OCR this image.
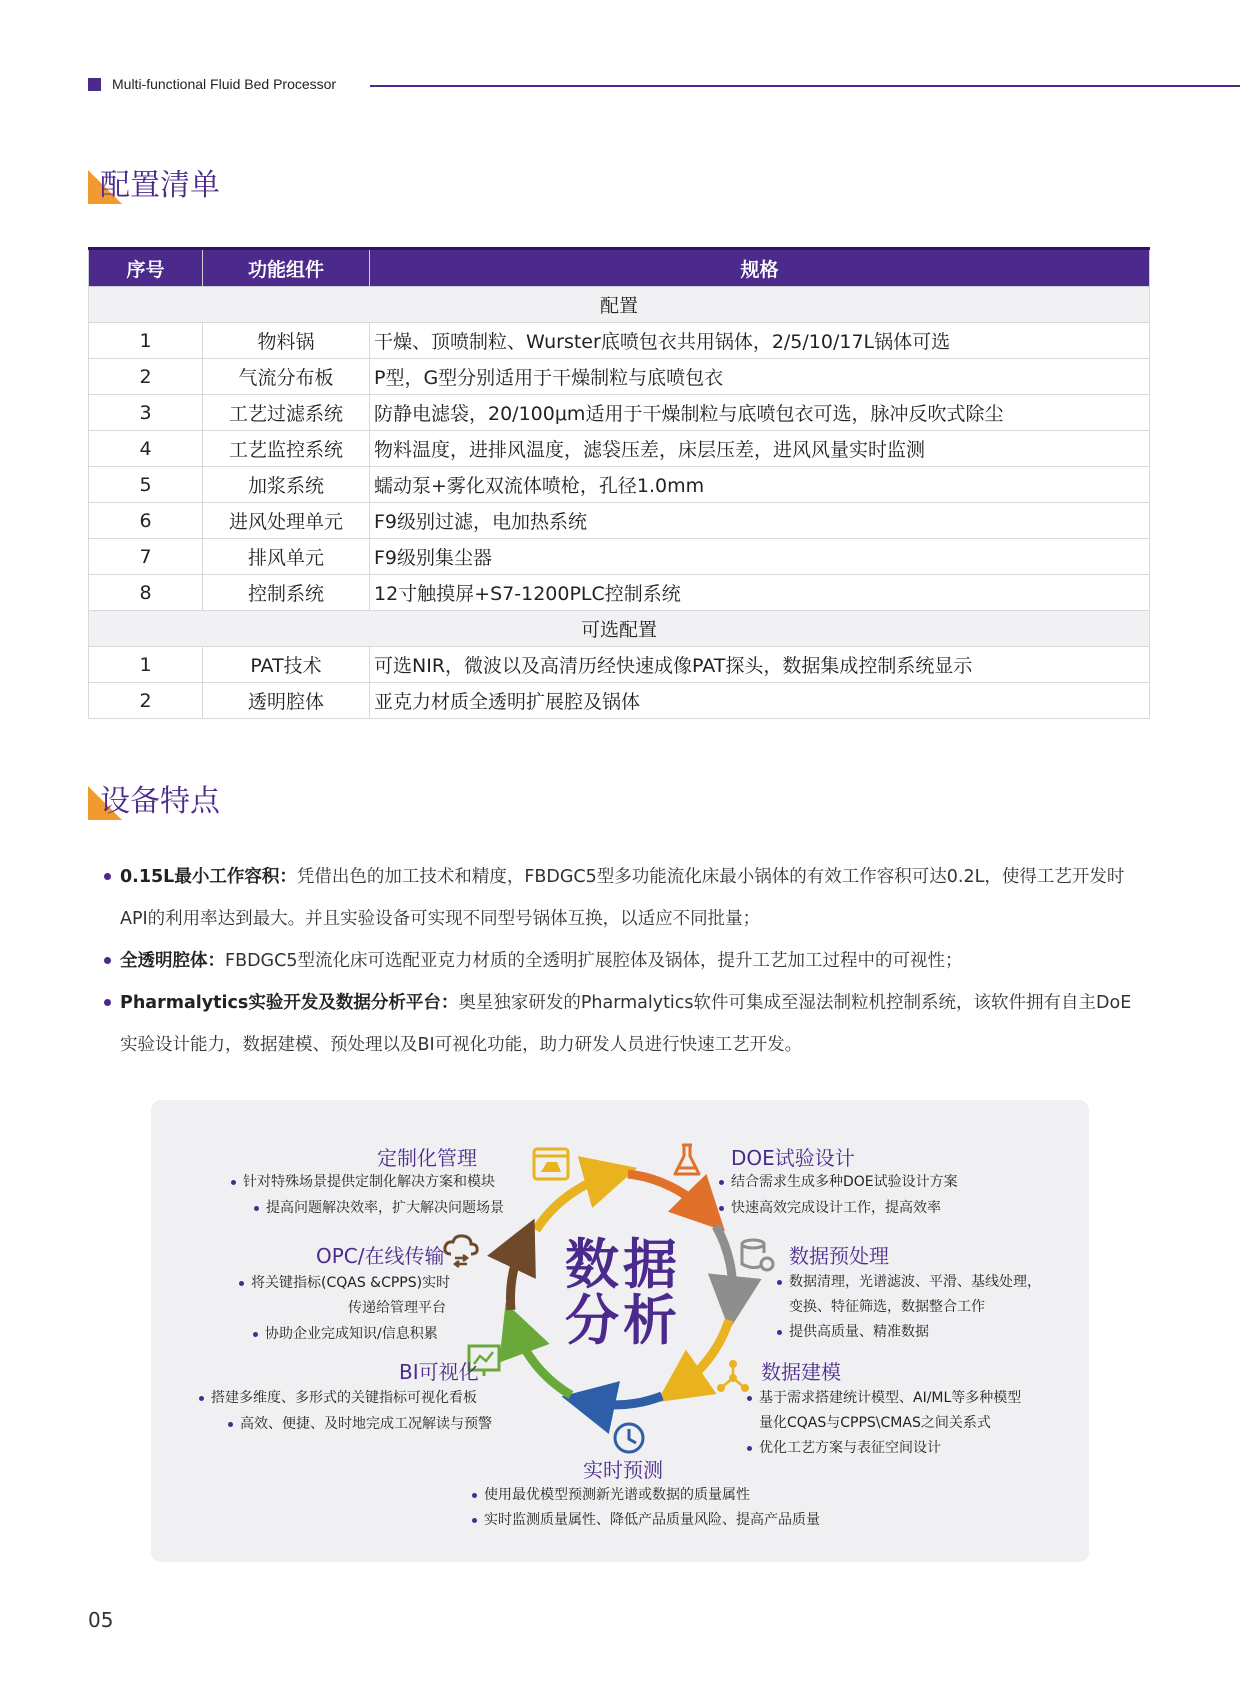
Multi-functional Fluid Bed Processor
配置清单
序号	功能组件	规格
配置		
1	物料锅	干燥、顶喷制粒、Wurster底喷包衣共用锅体，2/5/10/17L锅体可选
2	气流分布板	P型，G型分别适用于干燥制粒与底喷包衣
3	工艺过滤系统	防静电滤袋，20/100μm适用于干燥制粒与底喷包衣可选，脉冲反吹式除尘
4	工艺监控系统	物料温度，进排风温度，滤袋压差，床层压差，进风风量实时监测
5	加浆系统	蠕动泵+雾化双流体喷枪，孔径1.0mm
6	进风处理单元	F9级别过滤，电加热系统
7	排风单元	F9级别集尘器
8	控制系统	12寸触摸屏+S7-1200PLC控制系统
可选配置		
1	PAT技术	可选NIR，微波以及高清历经快速成像PAT探头，数据集成控制系统显示
2	透明腔体	亚克力材质全透明扩展腔及锅体
设备特点
0.15L最小工作容积：凭借出色的加工技术和精度，FBDGC5型多功能流化床最小锅体的有效工作容积可达0.2L，使得工艺开发时
API的利用率达到最大。并且实验设备可实现不同型号锅体互换，以适应不同批量；
全透明腔体：FBDGC5型流化床可选配亚克力材质的全透明扩展腔体及锅体，提升工艺加工过程中的可视性；
Pharmalytics实验开发及数据分析平台：奥星独家研发的Pharmalytics软件可集成至湿法制粒机控制系统，该软件拥有自主DoE
实验设计能力，数据建模、预处理以及BI可视化功能，助力研发人员进行快速工艺开发。
数据
分析
定制化管理
针对特殊场景提供定制化解决方案和模块
提高问题解决效率，扩大解决问题场景
DOE试验设计
结合需求生成多种DOE试验设计方案
快速高效完成设计工作，提高效率
数据预处理
数据清理，光谱滤波、平滑、基线处理，
变换、特征筛选，数据整合工作
提供高质量、精准数据
数据建模
基于需求搭建统计模型、AI/ML等多种模型
量化CQAS与CPPS\CMAS之间关系式
优化工艺方案与表征空间设计
实时预测
使用最优模型预测新光谱或数据的质量属性
实时监测质量属性、降低产品质量风险、提高产品质量
BI可视化
搭建多维度、多形式的关键指标可视化看板
高效、便捷、及时地完成工况解读与预警
OPC/在线传输
将关键指标(CQAS &CPPS)实时
传递给管理平台
协助企业完成知识/信息积累
05
